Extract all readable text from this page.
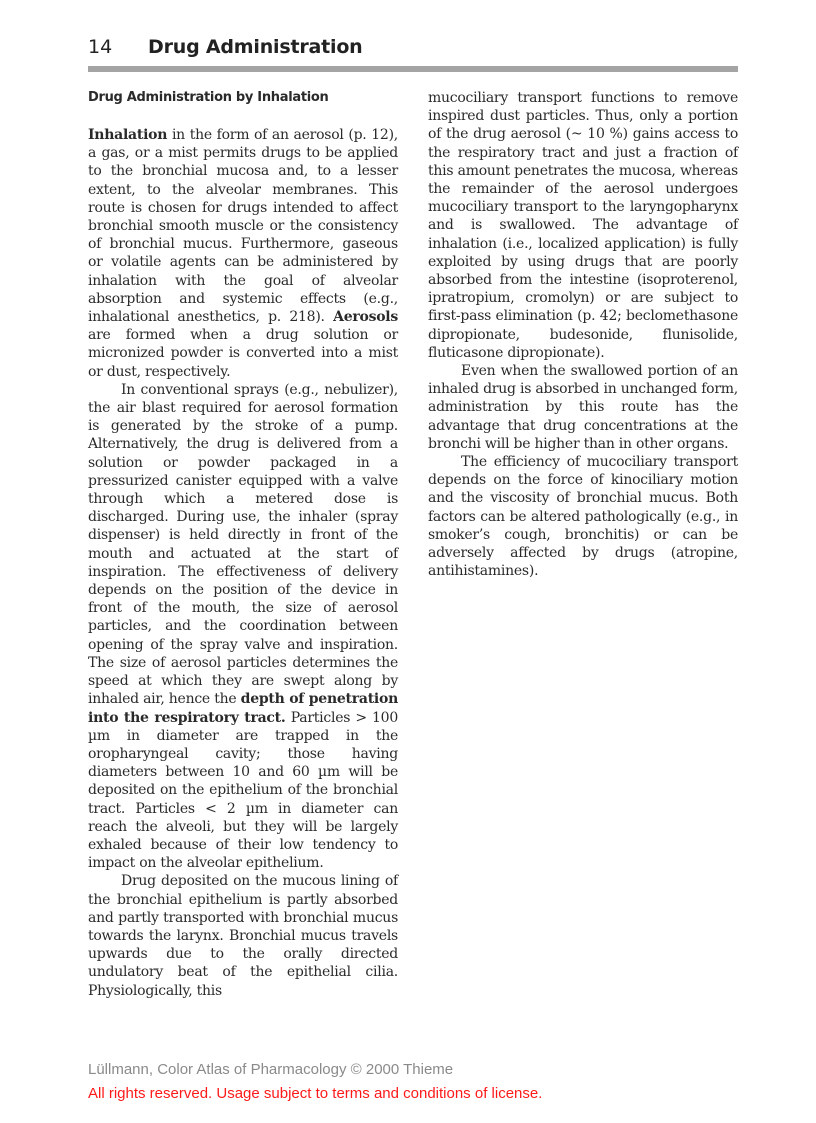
14 Drug Administration
Drug Administration by Inhalation

Inhalation in the form of an aerosol (p. 12), a gas, or a mist permits drugs to be applied to the bronchial mucosa and, to a lesser extent, to the alveolar membranes. This route is chosen for drugs intended to affect bronchial smooth muscle or the consistency of bronchial mucus. Furthermore, gaseous or volatile agents can be administered by inhalation with the goal of alveolar absorption and systemic effects (e.g., inhalational anesthetics, p. 218). Aerosols are formed when a drug solution or micronized powder is converted into a mist or dust, respectively.

In conventional sprays (e.g., nebulizer), the air blast required for aerosol formation is generated by the stroke of a pump. Alternatively, the drug is delivered from a solution or powder packaged in a pressurized canister equipped with a valve through which a metered dose is discharged. During use, the inhaler (spray dispenser) is held directly in front of the mouth and actuated at the start of inspiration. The effectiveness of delivery depends on the position of the device in front of the mouth, the size of aerosol particles, and the coordination between opening of the spray valve and inspiration. The size of aerosol particles determines the speed at which they are swept along by inhaled air, hence the depth of penetration into the respiratory tract. Particles > 100 µm in diameter are trapped in the oropharyngeal cavity; those having diameters between 10 and 60 µm will be deposited on the epithelium of the bronchial tract. Particles < 2 µm in diameter can reach the alveoli, but they will be largely exhaled because of their low tendency to impact on the alveolar epithelium.

Drug deposited on the mucous lining of the bronchial epithelium is partly absorbed and partly transported with bronchial mucus towards the larynx. Bronchial mucus travels upwards due to the orally directed undulatory beat of the epithelial cilia. Physiologically, this

mucociliary transport functions to remove inspired dust particles. Thus, only a portion of the drug aerosol (~ 10 %) gains access to the respiratory tract and just a fraction of this amount penetrates the mucosa, whereas the remainder of the aerosol undergoes mucociliary transport to the laryngopharynx and is swallowed. The advantage of inhalation (i.e., localized application) is fully exploited by using drugs that are poorly absorbed from the intestine (isoproterenol, ipratropium, cromolyn) or are subject to first-pass elimination (p. 42; beclomethasone dipropionate, budesonide, flunisolide, fluticasone dipropionate).

Even when the swallowed portion of an inhaled drug is absorbed in unchanged form, administration by this route has the advantage that drug concentrations at the bronchi will be higher than in other organs.

The efficiency of mucociliary transport depends on the force of kinociliary motion and the viscosity of bronchial mucus. Both factors can be altered pathologically (e.g., in smoker’s cough, bronchitis) or can be adversely affected by drugs (atropine, antihistamines).

Lüllmann, Color Atlas of Pharmacology © 2000 Thieme
All rights reserved. Usage subject to terms and conditions of license.
